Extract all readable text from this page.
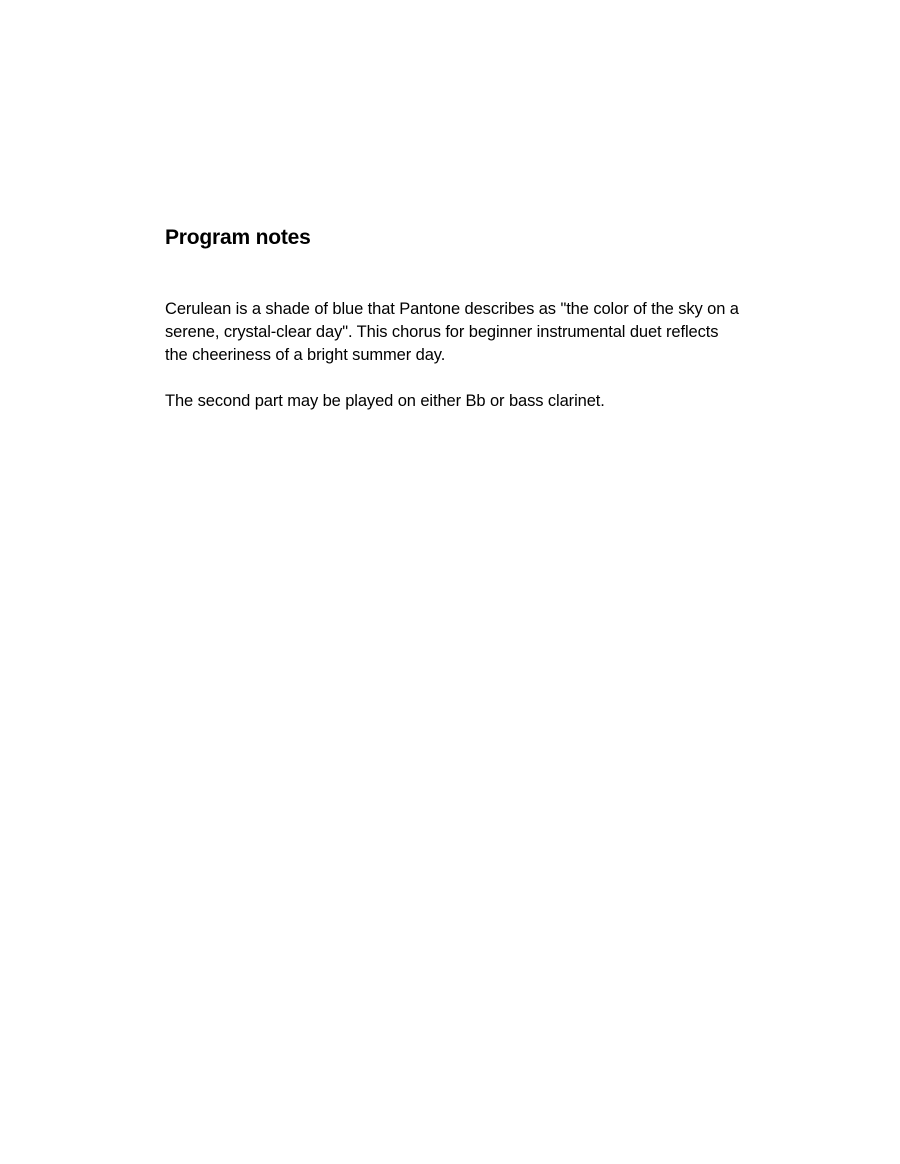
Program notes

Cerulean is a shade of blue that Pantone describes as "the color of the sky on a serene, crystal-clear day". This chorus for beginner instrumental duet reflects the cheeriness of a bright summer day.

The second part may be played on either Bb or bass clarinet.
